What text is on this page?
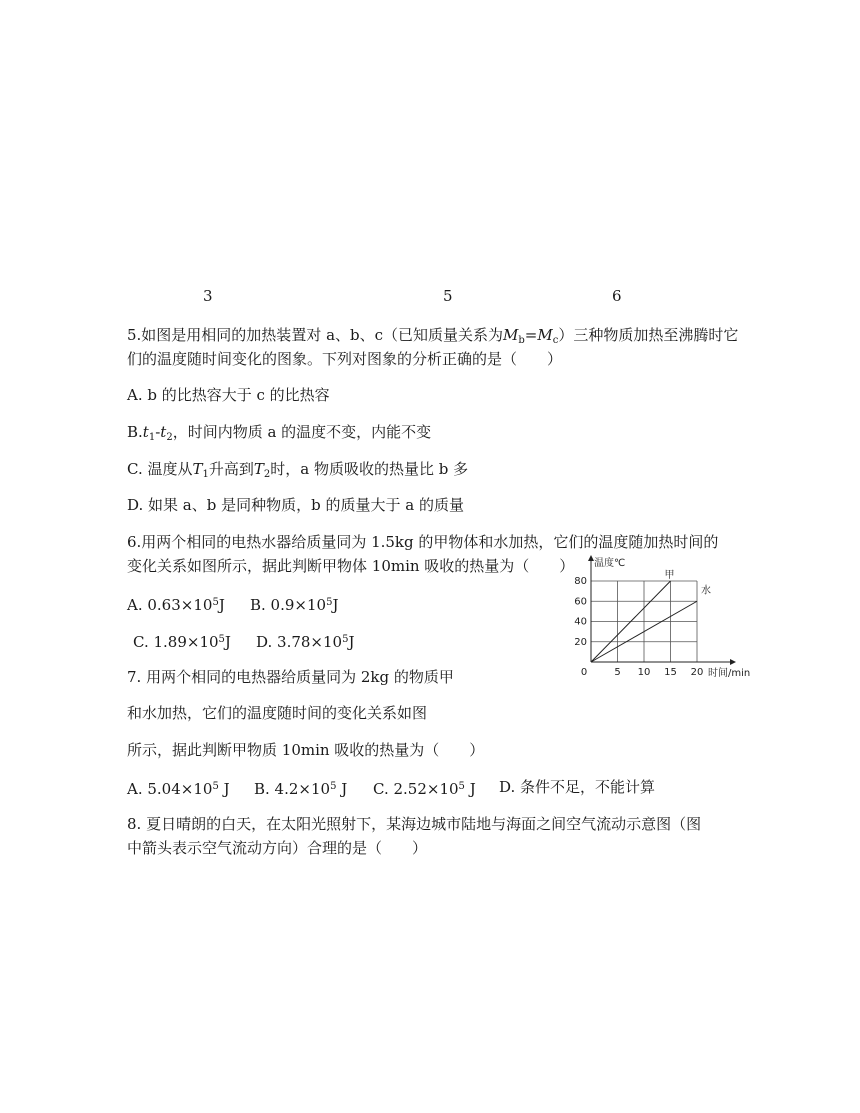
3	5	6
5.如图是用相同的加热装置对 a、b、c（已知质量关系为$M_b=M_c$）三种物质加热至沸腾时它
们的温度随时间变化的图象。下列对图象的分析正确的是（　　）
A. b 的比热容大于 c 的比热容
$B.t_1-t_2$，时间内物质 a 的温度不变，内能不变
C. 温度从$T_1$升高到$T_2$时，a 物质吸收的热量比 b 多
D. 如果 a、b 是同种物质，b 的质量大于 a 的质量
6.用两个相同的电热水器给质量同为 1.5kg 的甲物体和水加热，它们的温度随加热时间的
变化关系如图所示，据此判断甲物体 10min 吸收的热量为（　　）
A. $0.63\times 10^5J$ B. $0.9\times 10^5J$
C. $1.89\times 10^5J$ D. $3.78\times 10^5J$
7. 用两个相同的电热器给质量同为 2kg 的物质甲
和水加热，它们的温度随时间的变化关系如图
所示，据此判断甲物质 10min 吸收的热量为（　　）
A. $5.04\times 10^5$ J B. $4.2\times 10^5$ J C. $2.52\times 10^5$ J D. 条件不足，不能计算
8. 夏日晴朗的白天，在太阳光照射下，某海边城市陆地与海面之间空气流动示意图（图
中箭头表示空气流动方向）合理的是（　　）
0	5 10 15 20
20
40
60
80
温度℃
时间/min
甲
水
